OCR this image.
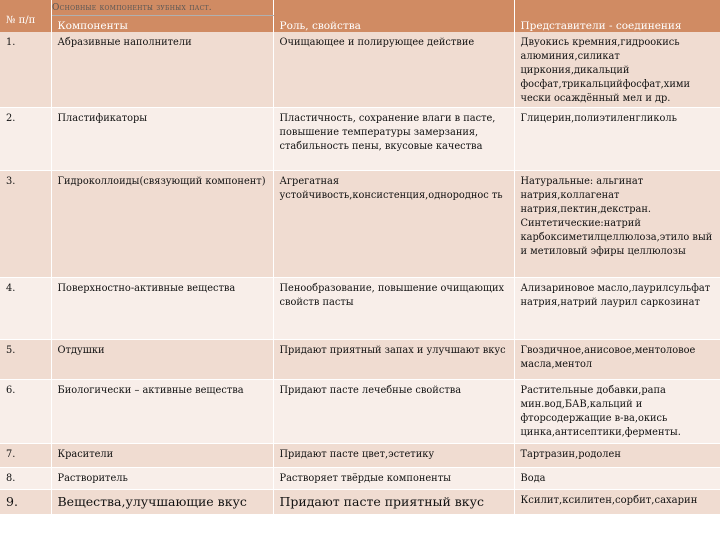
№ п/п	Компоненты	Роль, свойства	Представители - соединения
1.	Абразивные наполнители	Очищающее и полирующее действие	Двуокись кремния,гидроокись алюминия,силикат циркония,дикальций фосфат,трикальцийфосфат,хими чески осаждённый мел и др.
2.	Пластификаторы	Пластичность, сохранение влаги в пасте, повышение температуры замерзания, стабильность пены, вкусовые качества	Глицерин,полиэтиленгликоль
3.	Гидроколлоиды(связующий компонент)	Агрегатная устойчивость,консистенция,однороднос ть	Натуральные: альгинат натрия,коллагенат натрия,пектин,декстран. Синтетические:натрий карбоксиметилцеллюлоза,этило вый и метиловый эфиры целлюлозы
4.	Поверхностно-активные вещества	Пенообразование, повышение очищающих свойств пасты	Ализариновое масло,лаурилсульфат натрия,натрий лаурил саркозинат
5.	Отдушки	Придают приятный запах и улучшают вкус	Гвоздичное,анисовое,ментоловое масла,ментол
6.	Биологически – активные вещества	Придают пасте лечебные свойства	Растительные добавки,рапа мин.вод,БАВ,кальций и фторсодержащие в-ва,окись цинка,антисептики,ферменты.
7.	Красители	Придают пасте цвет,эстетику	Тартразин,родолен
8.	Растворитель	Растворяет твёрдые компоненты	Вода
9.	Вещества,улучшающие вкус	Придают пасте приятный вкус	Ксилит,ксилитен,сорбит,сахарин
Основные компоненты зубных паст.
